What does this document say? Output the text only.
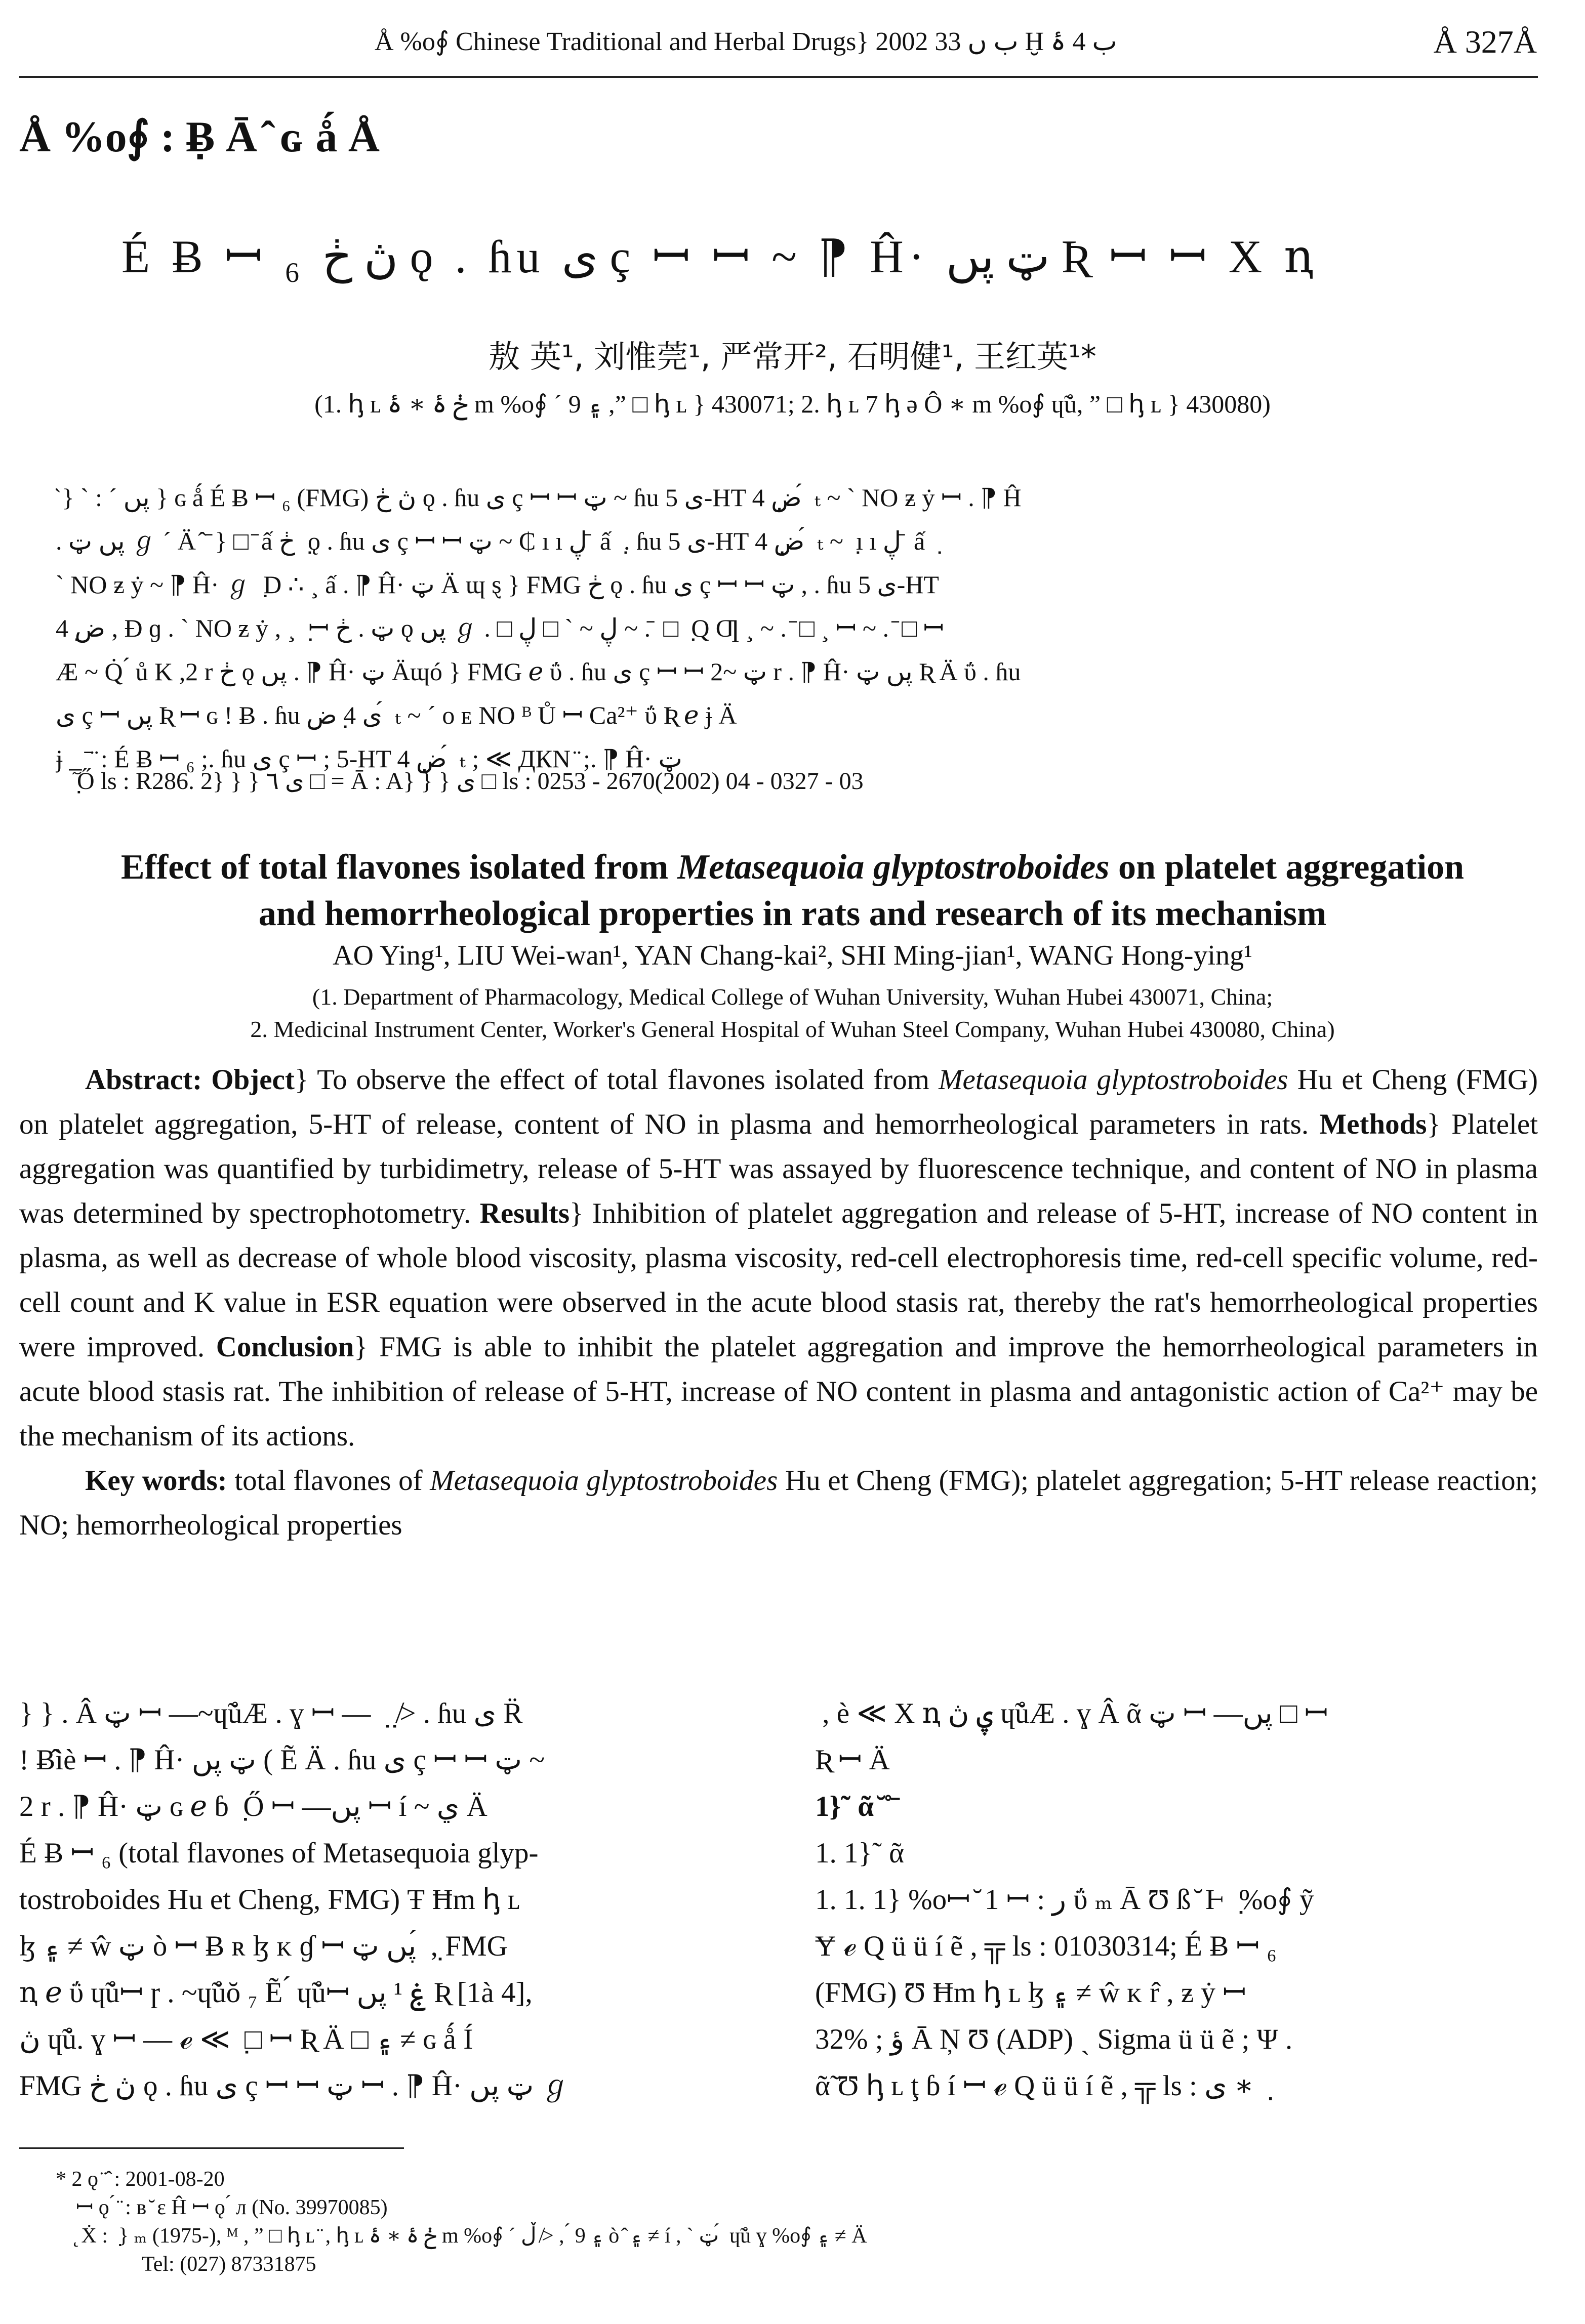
Å %o∮ Chinese Traditional and Herbal Drugs} 2002 ب ں 33 Ḫ ب 4 ۂ	Å 327Å
Å %o∮ : ݂Ƀ Ā ̂ ɢ ǻ Å
É Ƀ ꟷ ₆ ڽ ڂ ǫ . ɦu ی ç ꟷ ꟷ ~ ⁋ Ĥ· ټ پں Ʀ ꟷ ꟷ X ꞑ
敖 英¹, 刘惟莞¹, 严常开², 石明健¹, 王红英¹*
(1. ꞕ ʟ ڂ ۂ ∗ ۂ m %o∮ ´ ۽ 9 ,” □ ꞕ ʟ } 430071; 2. ꞕ ʟ 7 ꞕ ə Ô ∗ m %o∮ ɥ̃ů, ” □ ꞕ ʟ } 430080)
̂ } ˋ : ˊ پں } ɢ ǻ É Ƀ ꟷ ₆ (FMG) ڽ ڂ ǫ . ɦu ی ç ꟷ ꟷ ټ ~ ɦu ی 5-HT 4 ݂ض ́ ₜ ~ ˋ NO ƶ ẏ ꟷ . ⁋ Ĥ
. پں ټ ℊ ˊ Ä ̂ ̄ } □ ̄ ấ ڂ ݂ ǫ . ɦu ی ç ꟷ ꟷ ټ ~ ₵ ı ı ڸ ̄ ấ ݂ . ɦu ی 5-HT 4 ݂ض ́ ₜ ~ ݂ ı ı ڸ ̄ ấ ݂
ˋ NO ƶ ẏ ~ ⁋ Ĥ· ℊ ݂ ݂D ∴ ¸ ấ . ⁋ Ĥ· ټ Ä ɰ ȿ } FMG ڂ ǫ . ɦu ی ç ꟷ ꟷ ټ , . ɦu ی 5-HT
4 ݂ض , Ɖ ɡ . ˋ NO ƶ ẏ , ¸ ݂ ꟷ ټ . ڂ ǫ پں ℊ . □ ڸ ~ ˋ □ ڸ ~ . ̄ □ ݂ Q Ƣ ¸ ~ . ̄ □ ¸ ꟷ ~ . ̄ □ ꟷ
Æ ~ Q̇ ́ ů K ,2 r ڂ ǫ پں . ⁋ Ĥ· ټ Äɰó } FMG ℯ ΰ . ɦu ی ç ꟷ ꟷ ټ ~2 r . ⁋ Ĥ· پں ټ Ʀ Ä ΰ . ɦu
ی ç ꟷ پں Ʀ ꟷ ɢ ! Ƀ . ɦu ی 4 ݂ض ́ ₜ ~ ˊ o ᴇ NO ᴮ Ů ꟷ Ca²⁺ ΰ Ʀ ℯ ɉ Ä
ɉ _ ̄ ̈ : É Ƀ ꟷ ₆ ;. ɦu ی ç ꟷ ; 5-HT 4 ݂ض ́ ₜ ; ≪ ДКN ̈ ;. ⁋ Ĥ· ټ
ٓ ݂Ő ls : R286. 2} } } ی ٦ □ = Ā : A} } } ی □ ls : 0253 - 2670(2002) 04 - 0327 - 03
Effect of total flavones isolated from Metasequoia glyptostroboides on platelet aggregation
and hemorrheological properties in rats and research of its mechanism
AO Ying¹, LIU Wei-wan¹, YAN Chang-kai², SHI Ming-jian¹, WANG Hong-ying¹
(1. Department of Pharmacology, Medical College of Wuhan University, Wuhan Hubei 430071, China;
2. Medicinal Instrument Center, Worker's General Hospital of Wuhan Steel Company, Wuhan Hubei 430080, China)

Abstract: Object} To observe the effect of total flavones isolated from Metasequoia glyptostroboides Hu et Cheng (FMG) on platelet aggregation, 5-HT of release, content of NO in plasma and hemorrheological parameters in rats. Methods} Platelet aggregation was quantified by turbidimetry, release of 5-HT was assayed by fluorescence technique, and content of NO in plasma was determined by spectrophotometry. Results} Inhibition of platelet aggregation and release of 5-HT, increase of NO content in plasma, as well as decrease of whole blood viscosity, plasma viscosity, red-cell electrophoresis time, red-cell specific volume, red-cell count and K value in ESR equation were observed in the acute blood stasis rat, thereby the rat's hemorrheological properties were improved. Conclusion} FMG is able to inhibit the platelet aggregation and improve the hemorrheological parameters in acute blood stasis rat. The inhibition of release of 5-HT, increase of NO content in plasma and antagonistic action of Ca²⁺ may be the mechanism of its actions.

Key words: total flavones of Metasequoia glyptostroboides Hu et Cheng (FMG); platelet aggregation; 5-HT release reaction; NO; hemorrheological properties

} } . Â ټ ꟷ —~ɥ̃ůÆ . ɣ ꟷ — ݂ ݂ ݂ ≯ . ɦu ی R̈
! Ƀ̂ìè ꟷ . ⁋ Ĥ· ټ پں ( Ẽ Ä . ɦu ی ç ꟷ ꟷ ټ ~
2 r . ⁋ Ĥ· ټ ɢ ℯ ɓ ݂ ݂Ő ꟷ —پں ꟷ í ~ ي Ä
É Ƀ ꟷ ₆ (total flavones of Metasequoia glyp-
tostroboides Hu et Cheng, FMG) Ŧ Ħm ꞕ ʟ
ɮ ۽ ≠ ŵ ټ ò ꟷ Ƀ ʀ ɮ ᴋ ɠ ꟷ پں ټ ́ ݂, FMG
ꞑ ℯ ΰ ɥ̃ůꟷ ɼ . ~ɥ̃ůŏ ₇ Ẽ ́ ɥ̃ůꟷ ۼ ¹ پں Ʀ [1à 4],
ڽ ɥ̃ů. ɣ ꟷ — ℯ ≪ ݂ □ ꟷ Ʀ Ä □ ۽ ≠ ɢ ǻ Í
FMG ڽ ڂ ǫ . ɦu ی ç ꟷ ꟷ ټ ꟷ . ⁋ Ĥ· ټ پں ℊ
́ , è ≪ X ꞑ ۑ ڽ ɥ̃ůÆ . ɣ Â ᾶ ټ ꟷ —پں □ ꟷ
Ʀ ꟷ Ä
1}˜ ᾶ ̆ ̊ ̄
1. 1}˜ ᾶ
1. 1. 1} %oꟷ ̆ 1 ꟷ : ر ΰ ₘ Ā Ʊ ß ̆ Ⱶ ݂ %o∮ ỹ
Ɏ ℯ Q ü ü í ẽ , ╦ ls : 01030314; É Ƀ ꟷ ₆
(FMG) Ʊ Ħm ꞕ ʟ ɮ ۽ ≠ ŵ ᴋ r̂ , ƶ ẏ ꟷ
32% ; ؤ Ā Ņ Ʊ (ADP) ˏ Sigma ü ü ẽ ; Ψ .
ᾶ̃ Ʊ ꞕ ʟ ţ ɓ í ꟷ ℯ Q ü ü í ẽ , ╦ ls : ی ∗ ݂
* 2 ǫ ̈ ̂ : 2001-08-20
ꟷ ǫ ́ ̈ : ʙ ̆ ɛ Ĥ ꟷ ǫ ́ л (No. 39970085)
̨ Ẋ : ݂ } ₘ (1975-), ᴹ , ” □ ꞕ ʟ ̈ , ꞕ ʟ ڂ ۂ ∗ ۂ m %o∮ ´ ۽ 9 ́ , ≯ ڵ ò ̂ ۽ ≠ í , ˋ ټ ́ ɥ̃ů ɣ %o∮ ۽ ≠ Ä
Tel: (027) 87331875
